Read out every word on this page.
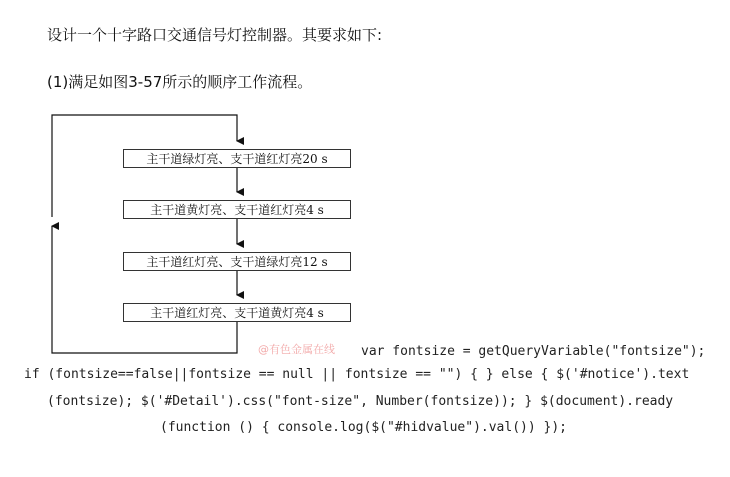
设计一个十字路口交通信号灯控制器。其要求如下:
(1)满足如图3-57所示的顺序工作流程。
主干道绿灯亮、支干道红灯亮20 s
主干道黄灯亮、支干道红灯亮4 s
主干道红灯亮、支干道绿灯亮12 s
主干道红灯亮、支干道黄灯亮4 s
@有色金属在线 var fontsize = getQueryVariable("fontsize");
if (fontsize==false||fontsize == null || fontsize == "") { } else { $('#notice').text
(fontsize); $('#Detail').css("font-size", Number(fontsize)); } $(document).ready
(function () { console.log($("#hidvalue").val()) });
